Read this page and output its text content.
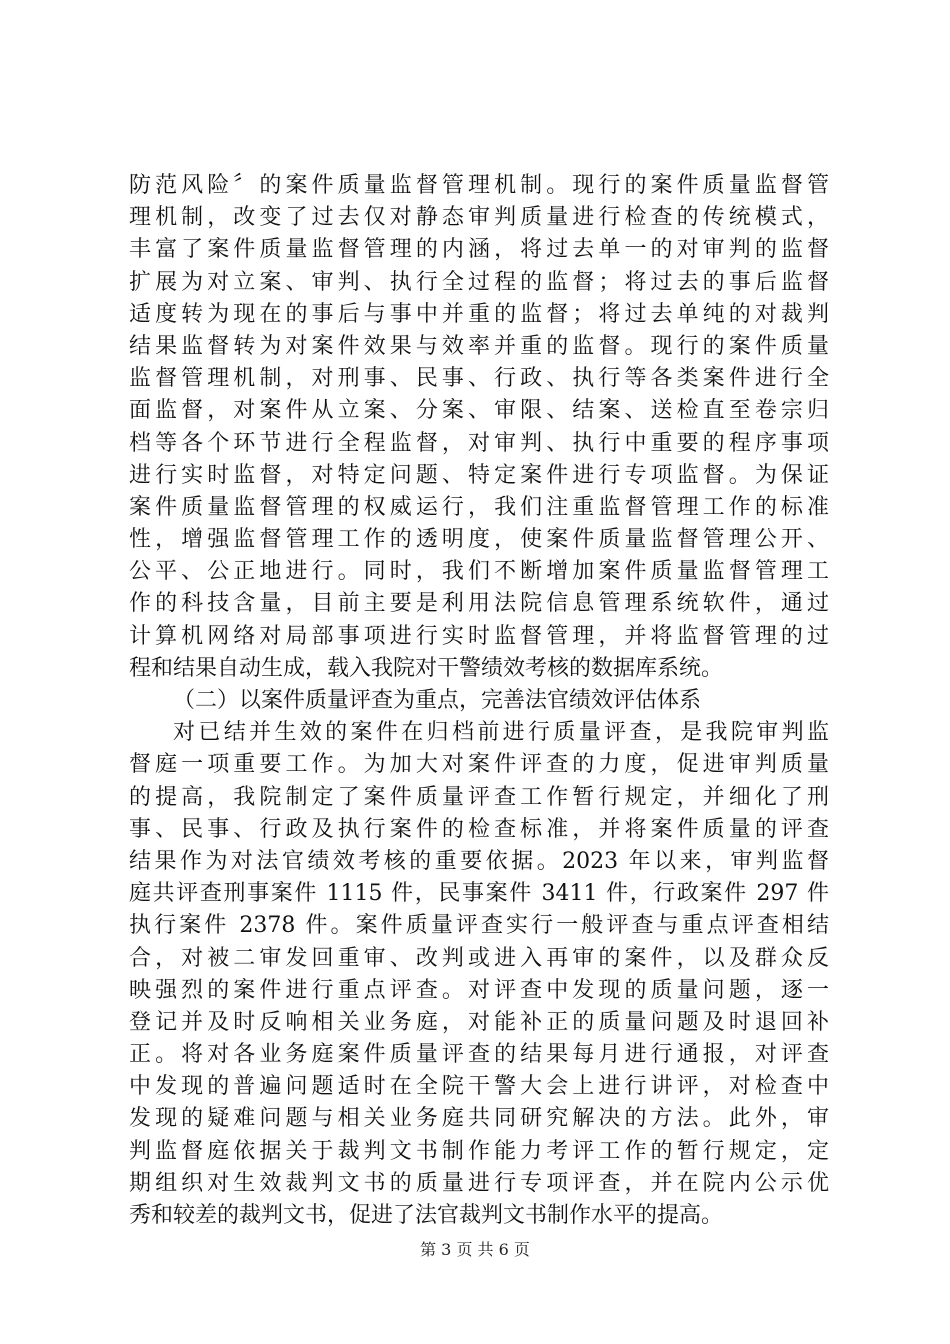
防范风险〞的案件质量监督管理机制。现行的案件质量监督管
理机制，改变了过去仅对静态审判质量进行检查的传统模式，
丰富了案件质量监督管理的内涵，将过去单一的对审判的监督
扩展为对立案、审判、执行全过程的监督；将过去的事后监督
适度转为现在的事后与事中并重的监督；将过去单纯的对裁判
结果监督转为对案件效果与效率并重的监督。现行的案件质量
监督管理机制，对刑事、民事、行政、执行等各类案件进行全
面监督，对案件从立案、分案、审限、结案、送检直至卷宗归
档等各个环节进行全程监督，对审判、执行中重要的程序事项
进行实时监督，对特定问题、特定案件进行专项监督。为保证
案件质量监督管理的权威运行，我们注重监督管理工作的标准
性，增强监督管理工作的透明度，使案件质量监督管理公开、
公平、公正地进行。同时，我们不断增加案件质量监督管理工
作的科技含量，目前主要是利用法院信息管理系统软件，通过
计算机网络对局部事项进行实时监督管理，并将监督管理的过
程和结果自动生成，载入我院对干警绩效考核的数据库系统。
（二）以案件质量评查为重点，完善法官绩效评估体系
对已结并生效的案件在归档前进行质量评查，是我院审判监
督庭一项重要工作。为加大对案件评查的力度，促进审判质量
的提高，我院制定了案件质量评查工作暂行规定，并细化了刑
事、民事、行政及执行案件的检查标准，并将案件质量的评查
结果作为对法官绩效考核的重要依据。2023 年以来，审判监督
庭共评查刑事案件 1115 件，民事案件 3411 件，行政案件 297 件
执行案件 2378 件。案件质量评查实行一般评查与重点评查相结
合，对被二审发回重审、改判或进入再审的案件，以及群众反
映强烈的案件进行重点评查。对评查中发现的质量问题，逐一
登记并及时反响相关业务庭，对能补正的质量问题及时退回补
正。将对各业务庭案件质量评查的结果每月进行通报，对评查
中发现的普遍问题适时在全院干警大会上进行讲评，对检查中
发现的疑难问题与相关业务庭共同研究解决的方法。此外，审
判监督庭依据关于裁判文书制作能力考评工作的暂行规定，定
期组织对生效裁判文书的质量进行专项评查，并在院内公示优
秀和较差的裁判文书，促进了法官裁判文书制作水平的提高。
第 3 页 共 6 页
